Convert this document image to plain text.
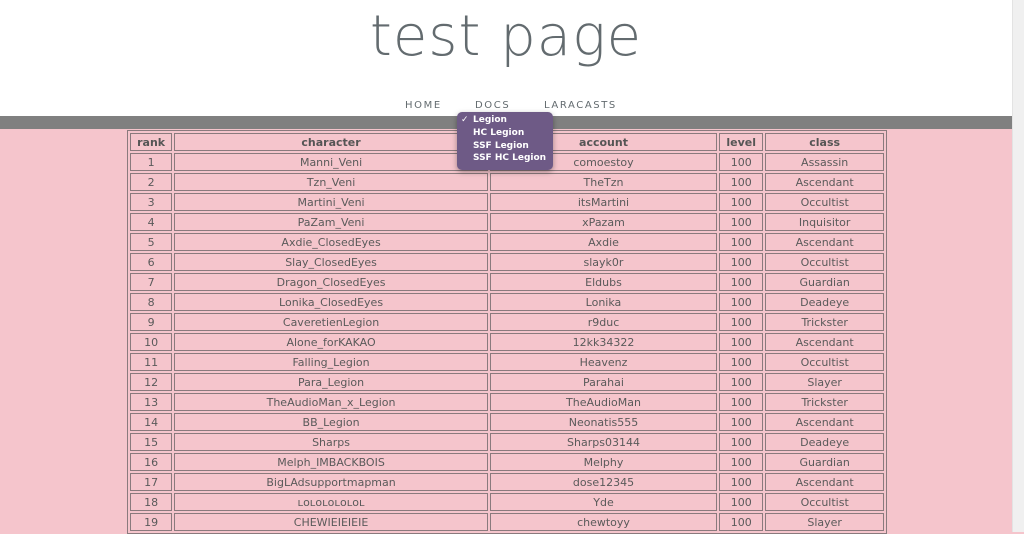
test page
HOME	DOCS	LARACASTS
rank	character	account	level	class
1	Manni_Veni	comoestoy	100	Assassin
2	Tzn_Veni	TheTzn	100	Ascendant
3	Martini_Veni	itsMartini	100	Occultist
4	PaZam_Veni	xPazam	100	Inquisitor
5	Axdie_ClosedEyes	Axdie	100	Ascendant
6	Slay_ClosedEyes	slayk0r	100	Occultist
7	Dragon_ClosedEyes	Eldubs	100	Guardian
8	Lonika_ClosedEyes	Lonika	100	Deadeye
9	CaveretienLegion	r9duc	100	Trickster
10	Alone_forKAKAO	12kk34322	100	Ascendant
11	Falling_Legion	Heavenz	100	Occultist
12	Para_Legion	Parahai	100	Slayer
13	TheAudioMan_x_Legion	TheAudioMan	100	Trickster
14	BB_Legion	Neonatis555	100	Ascendant
15	Sharps	Sharps03144	100	Deadeye
16	Melph_IMBACKBOIS	Melphy	100	Guardian
17	BigLAdsupportmapman	dose12345	100	Ascendant
18	ʟᴏʟᴏʟᴏʟᴏʟᴏʟ	Yde	100	Occultist
19	CHEWIEIEIEIE	chewtoyy	100	Slayer
✓ Legion
HC Legion
SSF Legion
SSF HC Legion
